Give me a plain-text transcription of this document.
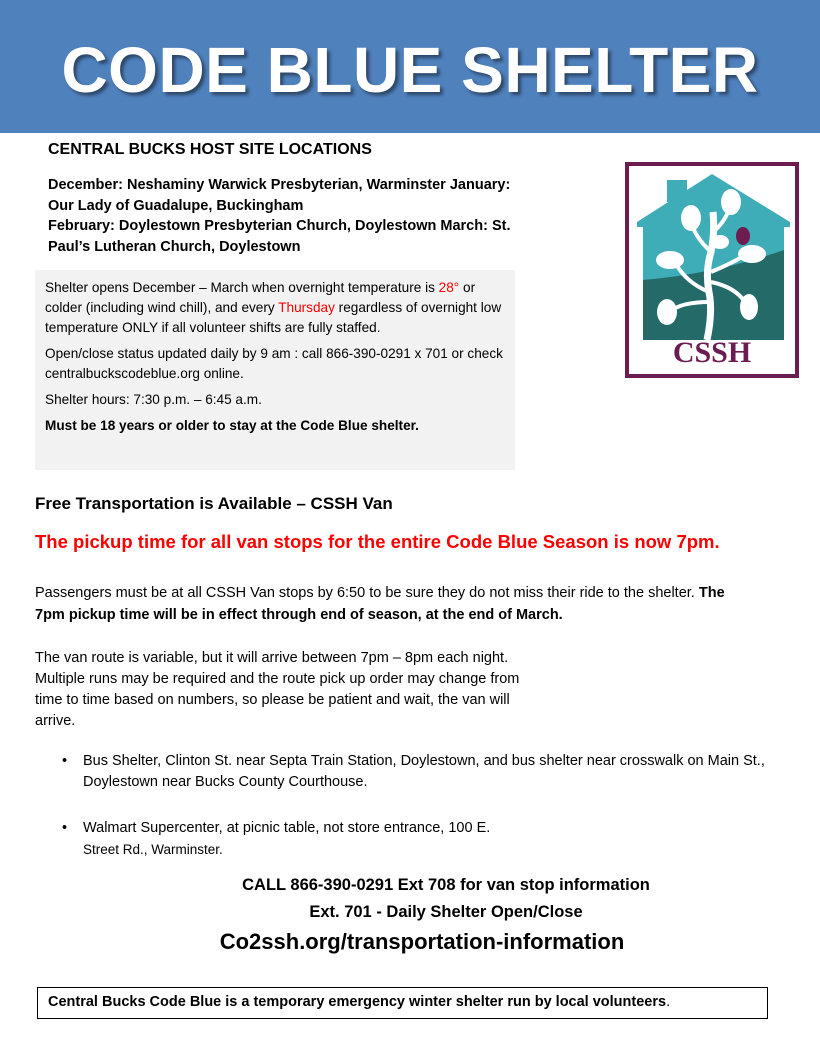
CODE BLUE SHELTER
CENTRAL BUCKS HOST SITE LOCATIONS
December: Neshaminy Warwick Presbyterian, Warminster January:
Our Lady of Guadalupe, Buckingham
February: Doylestown Presbyterian Church, Doylestown March: St.
Paul’s Lutheran Church, Doylestown

Shelter opens December – March when overnight temperature is 28° or colder (including wind chill), and every Thursday regardless of overnight low temperature ONLY if all volunteer shifts are fully staffed.

Open/close status updated daily by 9 am : call 866-390-0291 x 701 or check centralbuckscodeblue.org online.

Shelter hours: 7:30 p.m. – 6:45 a.m.

Must be 18 years or older to stay at the Code Blue shelter.

CSSH
Free Transportation is Available – CSSH Van
The pickup time for all van stops for the entire Code Blue Season is now 7pm.
Passengers must be at all CSSH Van stops by 6:50 to be sure they do not miss their ride to the shelter. The 7pm pickup time will be in effect through end of season, at the end of March.
The van route is variable, but it will arrive between 7pm – 8pm each night. Multiple runs may be required and the route pick up order may change from time to time based on numbers, so please be patient and wait, the van will arrive.
• Bus Shelter, Clinton St. near Septa Train Station, Doylestown, and bus shelter near crosswalk on Main St., Doylestown near Bucks County Courthouse.
• Walmart Supercenter, at picnic table, not store entrance, 100 E.
Street Rd., Warminster.
CALL 866-390-0291 Ext 708 for van stop information
Ext. 701 - Daily Shelter Open/Close
Co2ssh.org/transportation-information
Central Bucks Code Blue is a temporary emergency winter shelter run by local volunteers.
